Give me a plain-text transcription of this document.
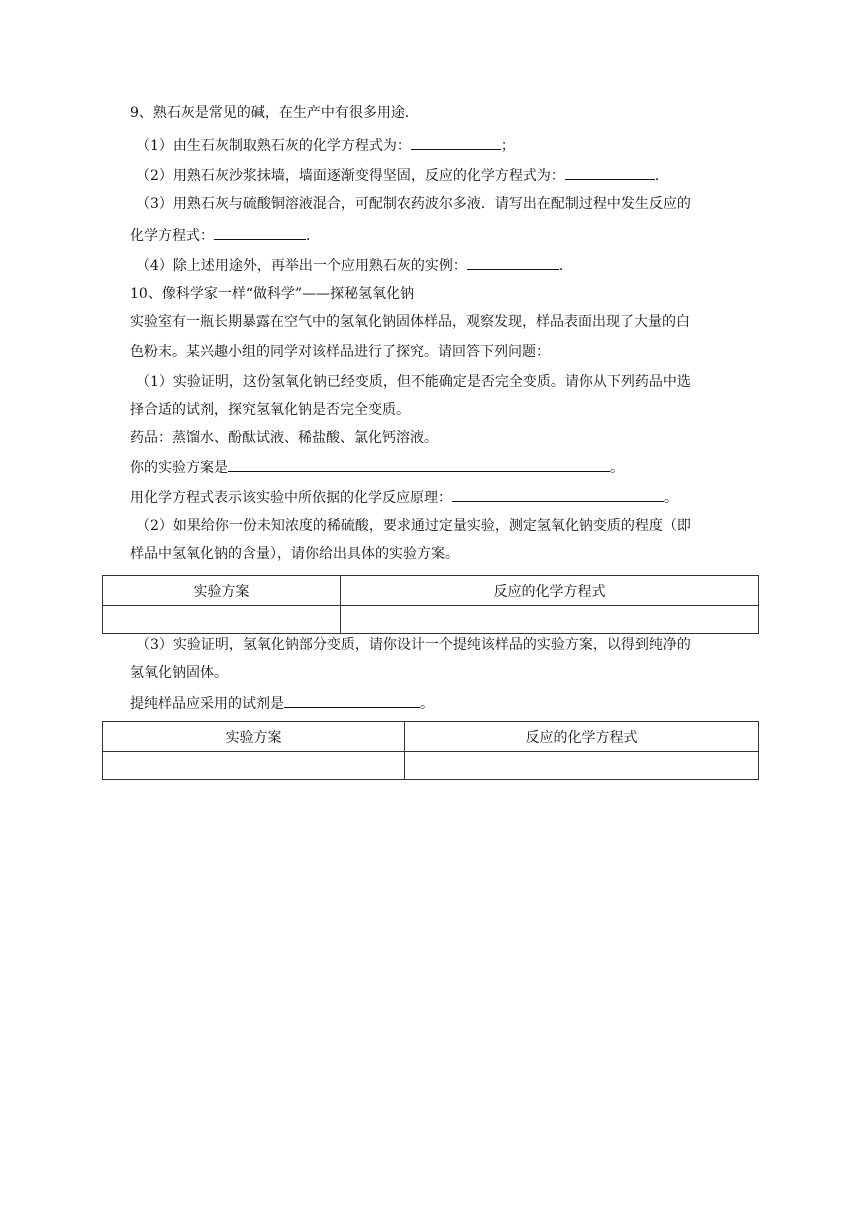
9、熟石灰是常见的碱，在生产中有很多用途．
（1）由生石灰制取熟石灰的化学方程式为：	；
（2）用熟石灰沙浆抹墙，墙面逐渐变得坚固，反应的化学方程式为：	．
（3）用熟石灰与硫酸铜溶液混合，可配制农药波尔多液．请写出在配制过程中发生反应的
化学方程式：	．
（4）除上述用途外，再举出一个应用熟石灰的实例：	．
10、像科学家一样“做科学”——探秘氢氧化钠
实验室有一瓶长期暴露在空气中的氢氧化钠固体样品，观察发现，样品表面出现了大量的白
色粉末。某兴趣小组的同学对该样品进行了探究。请回答下列问题：
（1）实验证明，这份氢氧化钠已经变质，但不能确定是否完全变质。请你从下列药品中选
择合适的试剂，探究氢氧化钠是否完全变质。
药品：蒸馏水、酚酞试液、稀盐酸、氯化钙溶液。
你的实验方案是	。
用化学方程式表示该实验中所依据的化学反应原理：	。
（2）如果给你一份未知浓度的稀硫酸，要求通过定量实验，测定氢氧化钠变质的程度（即
样品中氢氧化钠的含量），请你给出具体的实验方案。
实验方案	反应的化学方程式

（3）实验证明，氢氧化钠部分变质，请你设计一个提纯该样品的实验方案，以得到纯净的
氢氧化钠固体。
提纯样品应采用的试剂是	。
实验方案	反应的化学方程式
